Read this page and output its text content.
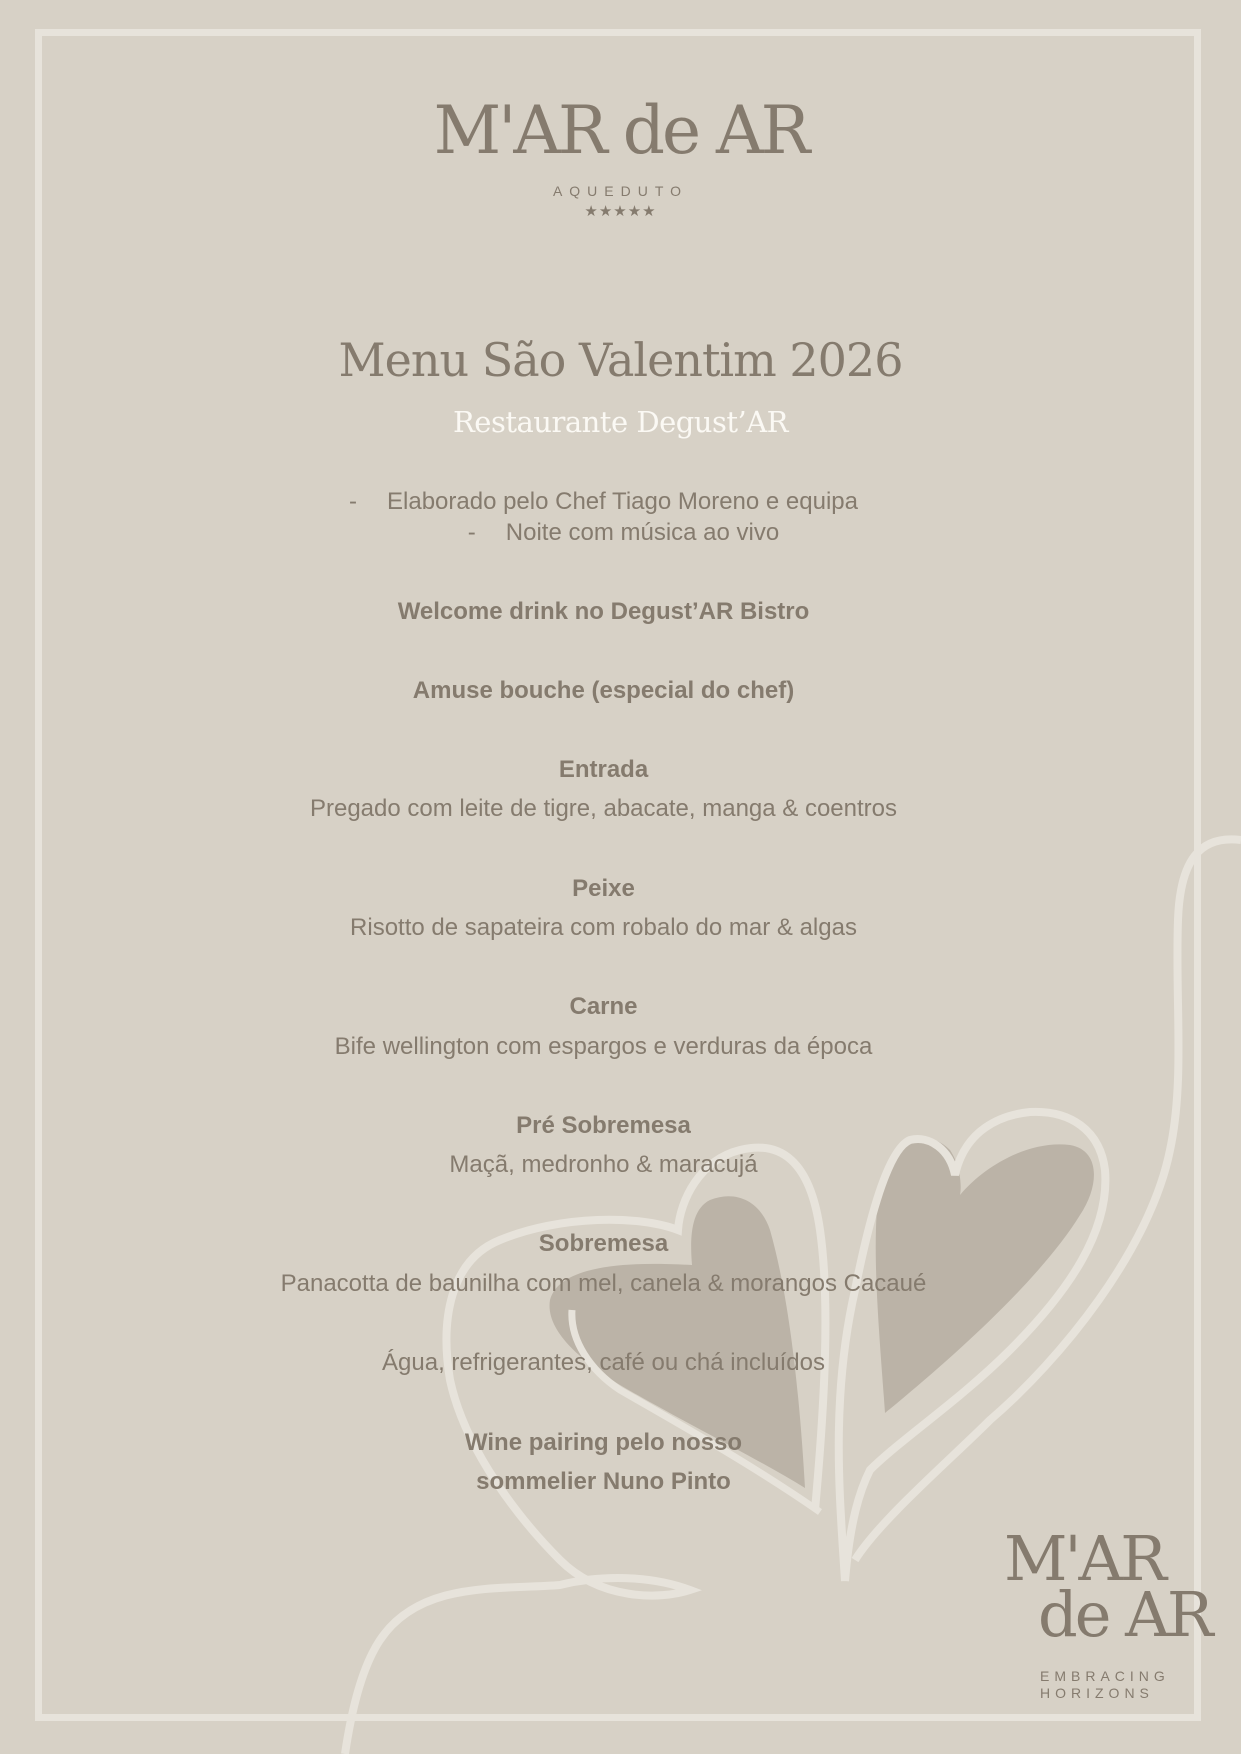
M'AR de AR
AQUEDUTO
★★★★★
Menu São Valentim 2026
Restaurante Degust’AR
- Elaborado pelo Chef Tiago Moreno e equipa
- Noite com música ao vivo
Welcome drink no Degust’AR Bistro
Amuse bouche (especial do chef)
Entrada
Pregado com leite de tigre, abacate, manga & coentros
Peixe
Risotto de sapateira com robalo do mar & algas
Carne
Bife wellington com espargos e verduras da época
Pré Sobremesa
Maçã, medronho & maracujá
Sobremesa
Panacotta de baunilha com mel, canela & morangos Cacaué
Água, refrigerantes, café ou chá incluídos
Wine pairing pelo nosso
sommelier Nuno Pinto
M'AR
de AR
EMBRACING
HORIZONS
